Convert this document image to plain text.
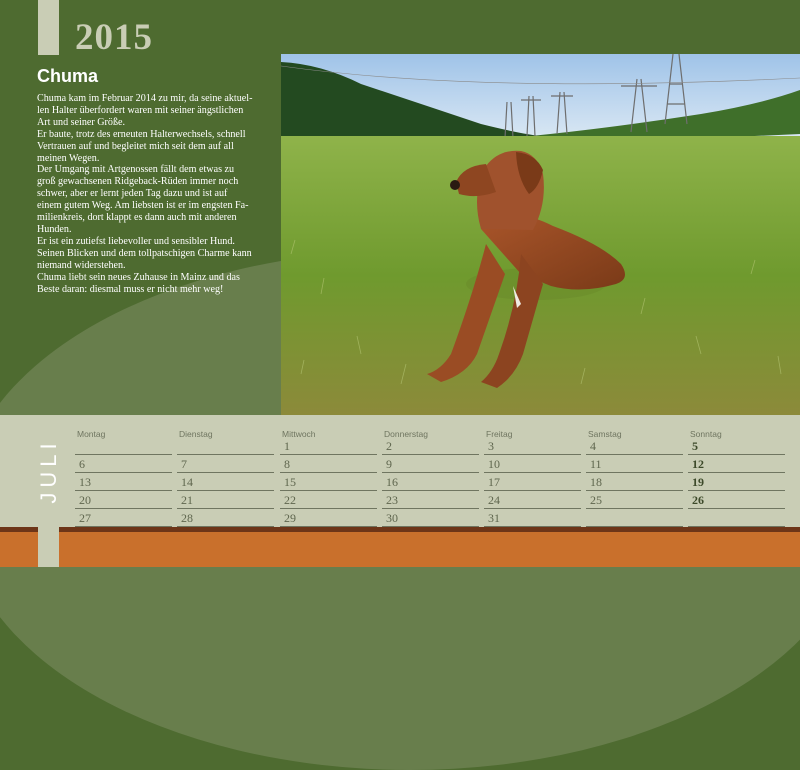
2015
Chuma

Chuma kam im Februar 2014 zu mir, da seine aktuel-

len Halter überfordert waren mit seiner ängstlichen

Art und seiner Größe.

Er baute, trotz des erneuten Halterwechsels, schnell

Vertrauen auf und begleitet mich seit dem auf all

meinen Wegen.

Der Umgang mit Artgenossen fällt dem etwas zu

groß gewachsenen Ridgeback-Rüden immer noch

schwer, aber er lernt jeden Tag dazu und ist auf

einem gutem Weg. Am liebsten ist er im engsten Fa-

milienkreis, dort klappt es dann auch mit anderen

Hunden.

Er ist ein zutiefst liebevoller und sensibler Hund.

Seinen Blicken und dem tollpatschigen Charme kann

niemand widerstehen.

Chuma liebt sein neues Zuhause in Mainz und das

Beste daran: diesmal muss er nicht mehr weg!

JULI
Montag
6
13
20
27
Dienstag
7
14
21
28
Mittwoch
1
8
15
22
29
Donnerstag
2
9
16
23
30
Freitag
3
10
17
24
31
Samstag
4
11
18
25
Sonntag
5
12
19
26
